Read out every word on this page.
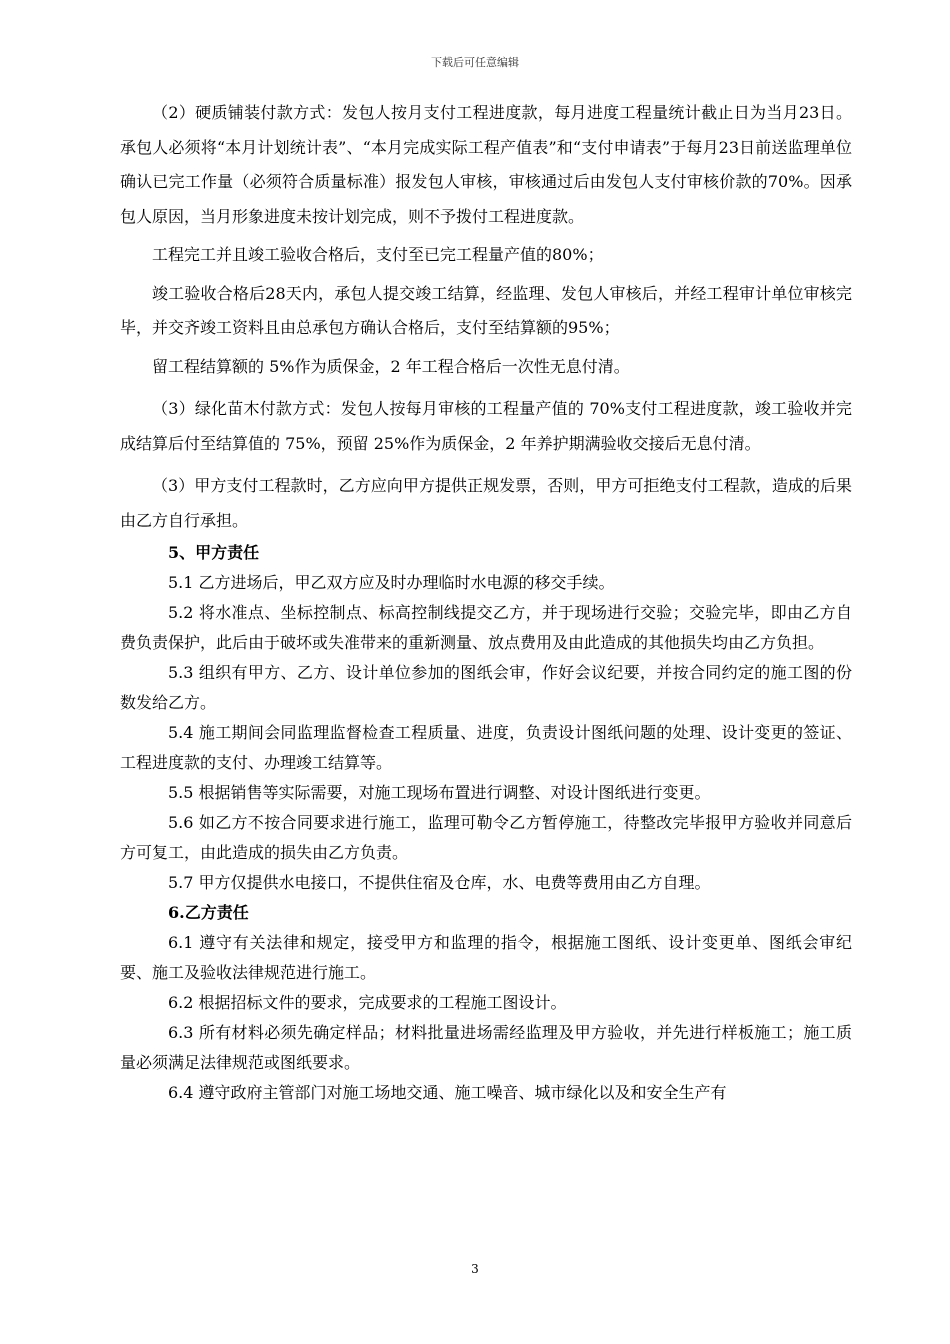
下载后可任意编辑

（2）硬质铺装付款方式：发包人按月支付工程进度款，每月进度工程量统计截止日为当月23日。承包人必须将“本月计划统计表”、“本月完成实际工程产值表”和“支付申请表”于每月23日前送监理单位确认已完工作量（必须符合质量标准）报发包人审核，审核通过后由发包人支付审核价款的70%。因承包人原因，当月形象进度未按计划完成，则不予拨付工程进度款。

工程完工并且竣工验收合格后，支付至已完工程量产值的80%；

竣工验收合格后28天内，承包人提交竣工结算，经监理、发包人审核后，并经工程审计单位审核完毕，并交齐竣工资料且由总承包方确认合格后，支付至结算额的95%；

留工程结算额的 5%作为质保金，2 年工程合格后一次性无息付清。

（3）绿化苗木付款方式：发包人按每月审核的工程量产值的 70%支付工程进度款，竣工验收并完成结算后付至结算值的 75%，预留 25%作为质保金，2 年养护期满验收交接后无息付清。

（3）甲方支付工程款时，乙方应向甲方提供正规发票，否则，甲方可拒绝支付工程款，造成的后果由乙方自行承担。

5、甲方责任

5.1 乙方进场后，甲乙双方应及时办理临时水电源的移交手续。

5.2 将水准点、坐标控制点、标高控制线提交乙方，并于现场进行交验；交验完毕，即由乙方自费负责保护，此后由于破坏或失准带来的重新测量、放点费用及由此造成的其他损失均由乙方负担。

5.3 组织有甲方、乙方、设计单位参加的图纸会审，作好会议纪要，并按合同约定的施工图的份数发给乙方。

5.4 施工期间会同监理监督检查工程质量、进度，负责设计图纸问题的处理、设计变更的签证、工程进度款的支付、办理竣工结算等。

5.5 根据销售等实际需要，对施工现场布置进行调整、对设计图纸进行变更。

5.6 如乙方不按合同要求进行施工，监理可勒令乙方暂停施工，待整改完毕报甲方验收并同意后方可复工，由此造成的损失由乙方负责。

5.7 甲方仅提供水电接口，不提供住宿及仓库，水、电费等费用由乙方自理。

6.乙方责任

6.1 遵守有关法律和规定，接受甲方和监理的指令，根据施工图纸、设计变更单、图纸会审纪要、施工及验收法律规范进行施工。

6.2 根据招标文件的要求，完成要求的工程施工图设计。

6.3 所有材料必须先确定样品；材料批量进场需经监理及甲方验收，并先进行样板施工；施工质量必须满足法律规范或图纸要求。

6.4 遵守政府主管部门对施工场地交通、施工噪音、城市绿化以及和安全生产有

3
